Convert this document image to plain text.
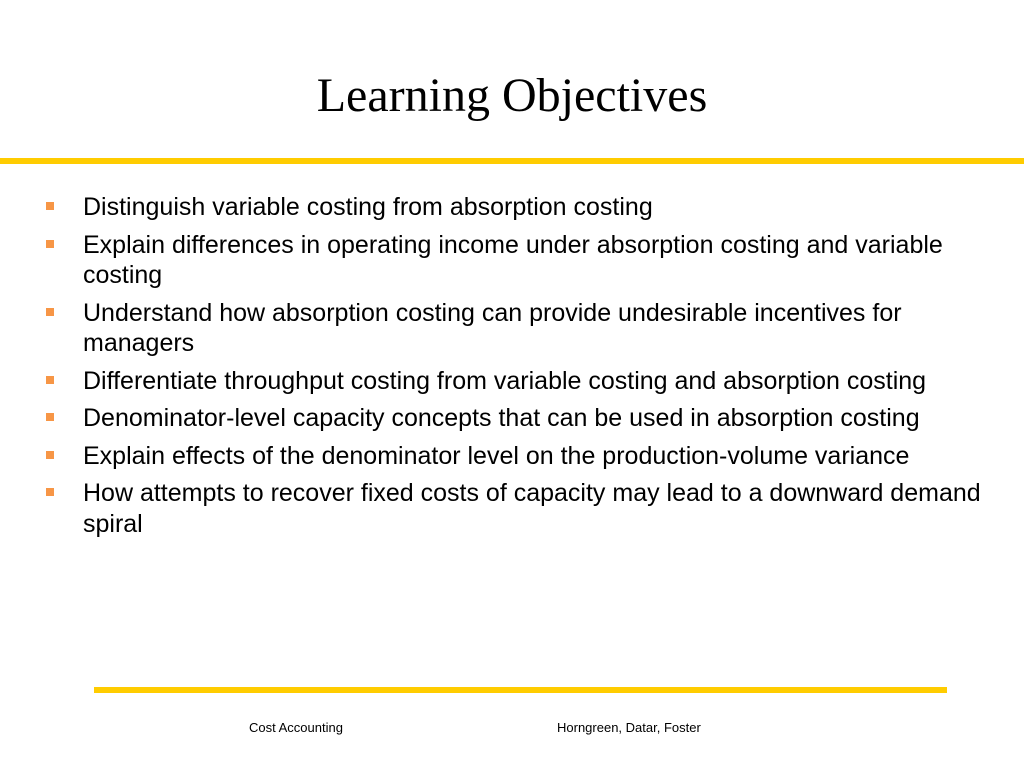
Learning Objectives
Distinguish variable costing from absorption costing
Explain differences in operating income under absorption costing and variable costing
Understand how absorption costing can provide undesirable incentives for managers
Differentiate throughput costing from variable costing and absorption costing
Denominator-level capacity concepts that can be used in absorption costing
Explain effects of the denominator level on the production-volume variance
How attempts to recover fixed costs of capacity may lead to a downward demand spiral
Cost Accounting	Horngreen, Datar, Foster
